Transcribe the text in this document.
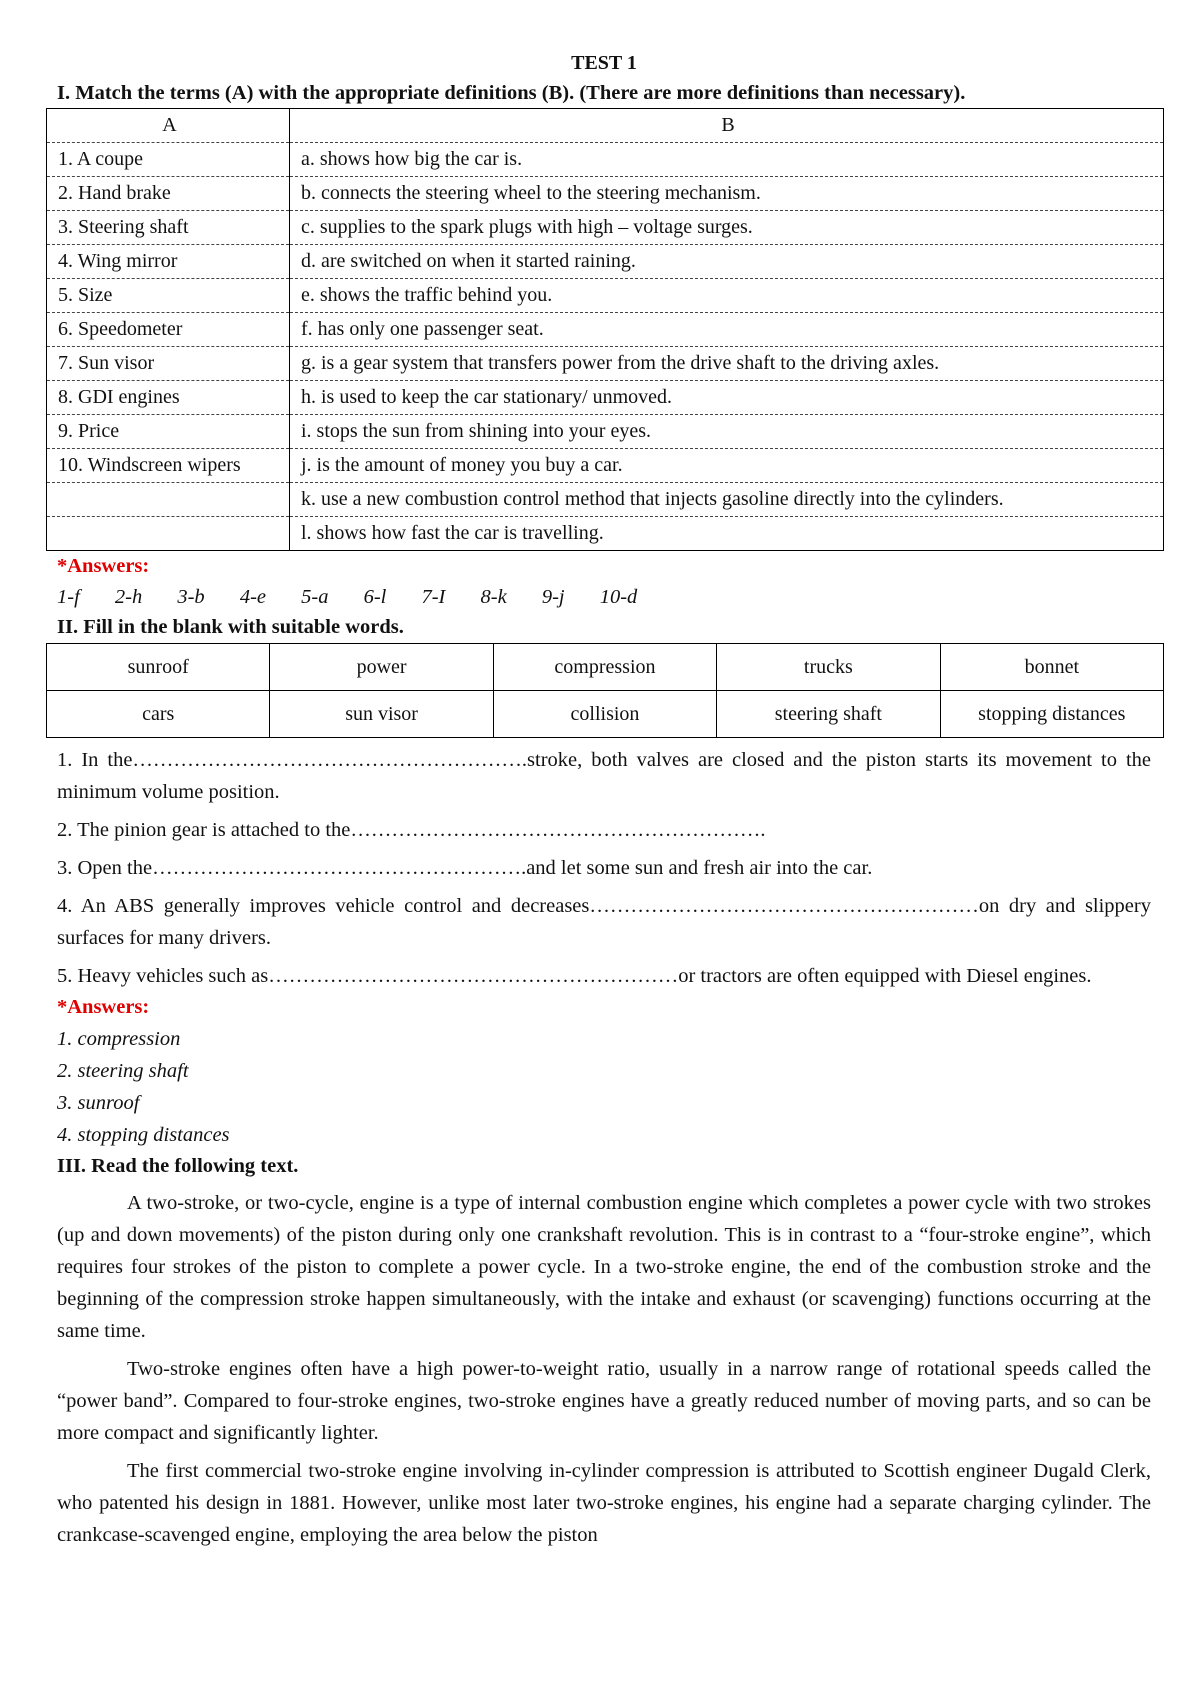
TEST 1
I. Match the terms (A) with the appropriate definitions (B). (There are more definitions than necessary).
A	B
1. A coupe	a. shows how big the car is.
2. Hand brake	b. connects the steering wheel to the steering mechanism.
3. Steering shaft	c. supplies to the spark plugs with high – voltage surges.
4. Wing mirror	d. are switched on when it started raining.
5. Size	e. shows the traffic behind you.
6. Speedometer	f. has only one passenger seat.
7. Sun visor	g. is a gear system that transfers power from the drive shaft to the driving axles.
8. GDI engines	h. is used to keep the car stationary/ unmoved.
9. Price	i. stops the sun from shining into your eyes.
10. Windscreen wipers	j. is the amount of money you buy a car.
	k. use a new combustion control method that injects gasoline directly into the cylinders.
	l. shows how fast the car is travelling.
*Answers:
1-f 2-h 3-b 4-e 5-a 6-l 7-I 8-k 9-j 10-d
II. Fill in the blank with suitable words.
sunroof	power	compression	trucks	bonnet
cars	sun visor	collision	steering shaft	stopping distances
1. In the………………………………………………….stroke, both valves are closed and the piston starts its movement to the minimum volume position.
2. The pinion gear is attached to the…………………………………………………….
3. Open the……………………………………………….and let some sun and fresh air into the car.
4. An ABS generally improves vehicle control and decreases…………………………………………………on dry and slippery surfaces for many drivers.
5. Heavy vehicles such as……………………………………………………or tractors are often equipped with Diesel engines.
*Answers:
1. compression
2. steering shaft
3. sunroof
4. stopping distances
III. Read the following text.
A two-stroke, or two-cycle, engine is a type of internal combustion engine which completes a power cycle with two strokes (up and down movements) of the piston during only one crankshaft revolution. This is in contrast to a “four-stroke engine”, which requires four strokes of the piston to complete a power cycle. In a two-stroke engine, the end of the combustion stroke and the beginning of the compression stroke happen simultaneously, with the intake and exhaust (or scavenging) functions occurring at the same time.
Two-stroke engines often have a high power-to-weight ratio, usually in a narrow range of rotational speeds called the “power band”. Compared to four-stroke engines, two-stroke engines have a greatly reduced number of moving parts, and so can be more compact and significantly lighter.
The first commercial two-stroke engine involving in-cylinder compression is attributed to Scottish engineer Dugald Clerk, who patented his design in 1881. However, unlike most later two-stroke engines, his engine had a separate charging cylinder. The crankcase-scavenged engine, employing the area below the piston
